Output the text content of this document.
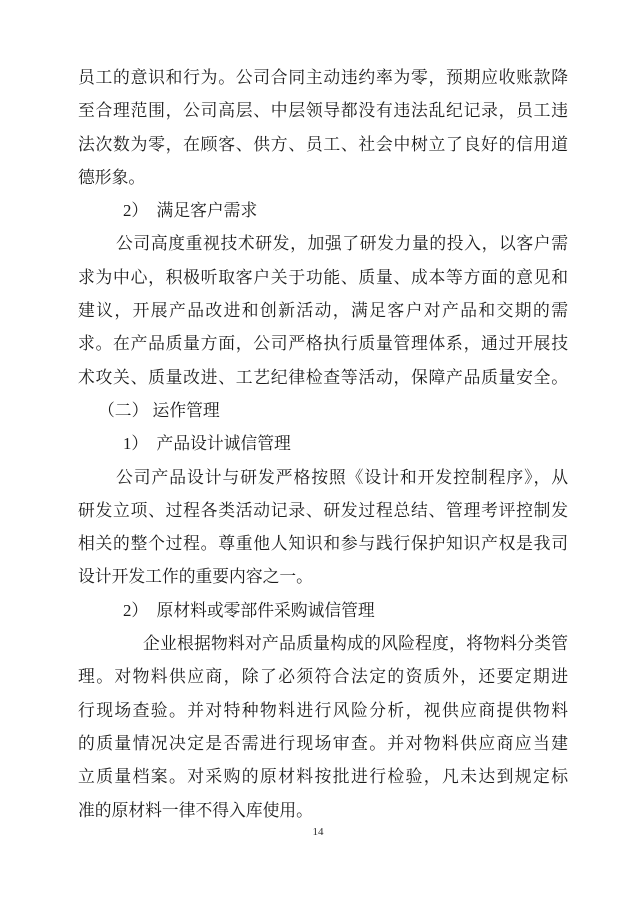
员工的意识和行为。公司合同主动违约率为零，预期应收账款降
至合理范围，公司高层、中层领导都没有违法乱纪记录，员工违
法次数为零，在顾客、供方、员工、社会中树立了良好的信用道
德形象。
2）　满足客户需求
公司高度重视技术研发，加强了研发力量的投入，以客户需
求为中心，积极听取客户关于功能、质量、成本等方面的意见和
建议，开展产品改进和创新活动，满足客户对产品和交期的需
求。在产品质量方面，公司严格执行质量管理体系，通过开展技
术攻关、质量改进、工艺纪律检查等活动，保障产品质量安全。
（二） 运作管理
1）　产品设计诚信管理
公司产品设计与研发严格按照《设计和开发控制程序》，从
研发立项、过程各类活动记录、研发过程总结、管理考评控制发
相关的整个过程。尊重他人知识和参与践行保护知识产权是我司
设计开发工作的重要内容之一。
2）　原材料或零部件采购诚信管理
企业根据物料对产品质量构成的风险程度，将物料分类管
理。对物料供应商，除了必须符合法定的资质外，还要定期进
行现场查验。并对特种物料进行风险分析，视供应商提供物料
的质量情况决定是否需进行现场审查。并对物料供应商应当建
立质量档案。对采购的原材料按批进行检验，凡未达到规定标
准的原材料一律不得入库使用。
14
